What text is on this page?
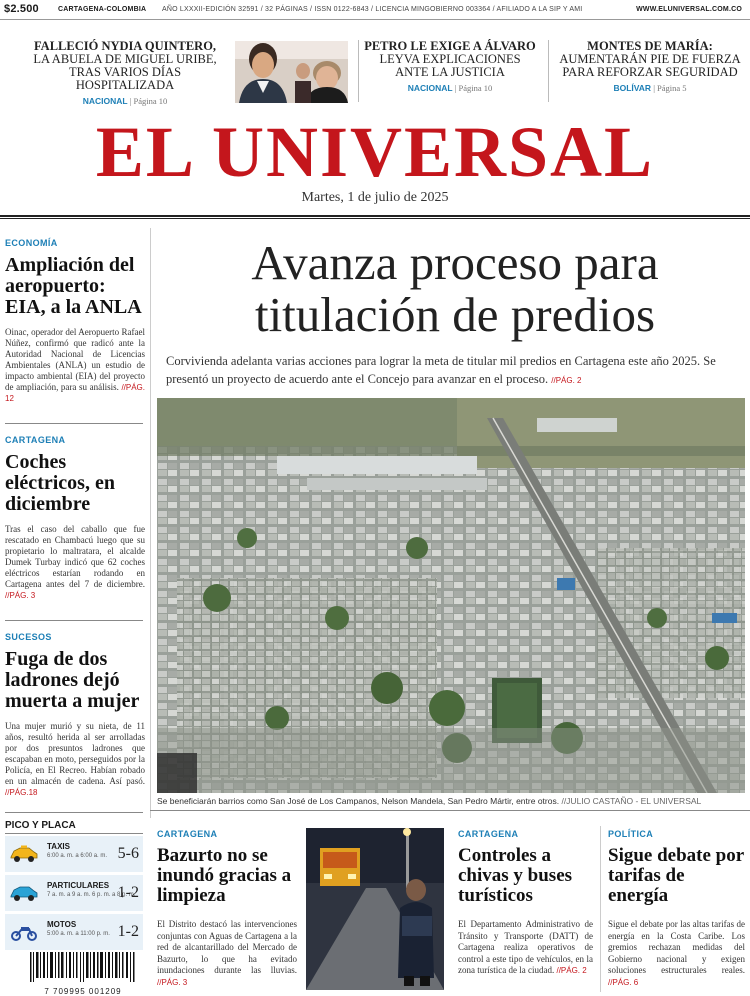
$2.500	CARTAGENA-COLOMBIA AÑO LXXXII-EDICIÓN 32591 / 32 PÁGINAS / ISSN 0122-6843 / LICENCIA MINGOBIERNO 003364 / AFILIADO A LA SIP Y AMI	WWW.ELUNIVERSAL.COM.CO
FALLECIÓ NYDIA QUINTERO,
LA ABUELA DE MIGUEL URIBE,
TRAS VARIOS DÍAS HOSPITALIZADA
NACIONAL | Página 10
PETRO LE EXIGE A ÁLVARO
LEYVA EXPLICACIONES
ANTE LA JUSTICIA
NACIONAL | Página 10
MONTES DE MARÍA:
AUMENTARÁN PIE DE FUERZA
PARA REFORZAR SEGURIDAD
BOLÍVAR | Página 5
EL UNIVERSAL
Martes, 1 de julio de 2025
ECONOMÍA
Ampliación del aeropuerto: EIA, a la ANLA
Oinac, operador del Aeropuerto Rafael Núñez, confirmó que radicó ante la Autoridad Nacional de Licencias Ambientales (ANLA) un estudio de impacto ambiental (EIA) del proyecto de ampliación, para su análisis. //PÁG. 12
CARTAGENA
Coches eléctricos, en diciembre
Tras el caso del caballo que fue rescatado en Chambacú luego que su propietario lo maltratara, el alcalde Dumek Turbay indicó que 62 coches eléctricos estarían rodando en Cartagena antes del 7 de diciembre. //PÁG. 3
SUCESOS
Fuga de dos ladrones dejó muerta a mujer
Una mujer murió y su nieta, de 11 años, resultó herida al ser arrolladas por dos presuntos ladrones que escapaban en moto, perseguidos por la Policía, en El Recreo. Habían robado en un almacén de cadena. Así pasó. //PÁG.18
Avanza proceso para
titulación de predios
Corvivienda adelanta varias acciones para lograr la meta de titular mil predios en Cartagena este año 2025. Se presentó un proyecto de acuerdo ante el Concejo para avanzar en el proceso. //PÁG. 2
Se beneficiarán barrios como San José de Los Campanos, Nelson Mandela, San Pedro Mártir, entre otros. //JULIO CASTAÑO - EL UNIVERSAL
PICO Y PLACA
TAXIS
6:00 a. m. a 6:00 a. m. 5-6
PARTICULARES
7 a. m. a 9 a. m. 6 p. m. a 8 p. m.
1-2
MOTOS
5:00 a. m. a 11:00 p. m. 1-2
7 709995 001209
CARTAGENA
Bazurto no se inundó gracias a limpieza
El Distrito destacó las intervenciones conjuntas con Aguas de Cartagena a la red de alcantarillado del Mercado de Bazurto, lo que ha evitado inundaciones durante las lluvias. //PÁG. 3
CARTAGENA
Controles a chivas y buses turísticos
El Departamento Administrativo de Tránsito y Transporte (DATT) de Cartagena realiza operativos de control a este tipo de vehículos, en la zona turística de la ciudad. //PÁG. 2
POLÍTICA
Sigue debate por tarifas de energía
Sigue el debate por las altas tarifas de energía en la Costa Caribe. Los gremios rechazan medidas del Gobierno nacional y exigen soluciones estructurales reales. //PÁG. 6
